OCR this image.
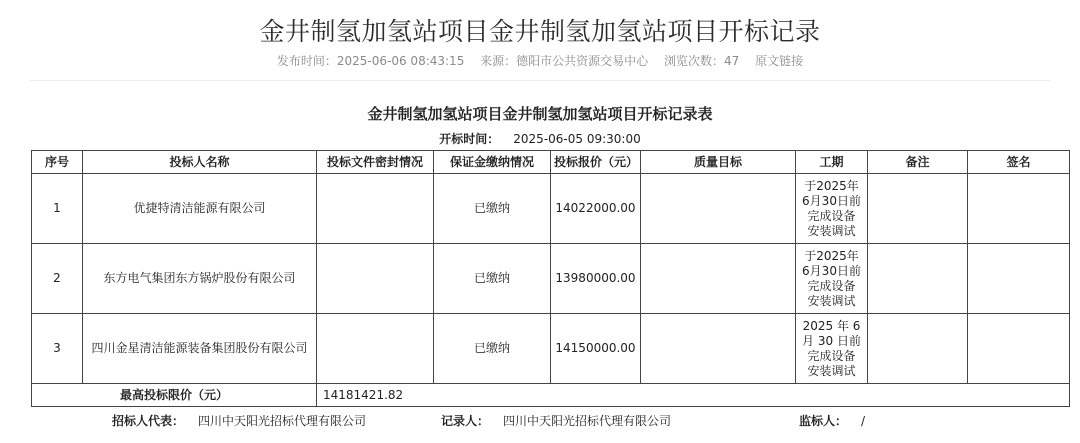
金井制氢加氢站项目金井制氢加氢站项目开标记录
发布时间：2025-06-06 08:43:15 来源：德阳市公共资源交易中心 浏览次数：47 原文链接
金井制氢加氢站项目金井制氢加氢站项目开标记录表
开标时间： 2025-06-05 09:30:00
序号	投标人名称	投标文件密封情况	保证金缴纳情况	投标报价（元）	质量目标	工期	备注	签名
1	优捷特清洁能源有限公司		已缴纳	14022000.00		于2025年6月30日前完成设备安装调试		
2	东方电气集团东方锅炉股份有限公司		已缴纳	13980000.00		于2025年6月30日前完成设备安装调试		
3	四川金星清洁能源装备集团股份有限公司		已缴纳	14150000.00		2025 年 6 月 30 日前完成设备安装调试		
最高投标限价（元）		14181421.82						
招标人代表： 四川中天阳光招标代理有限公司	记录人： 四川中天阳光招标代理有限公司	监标人： /
